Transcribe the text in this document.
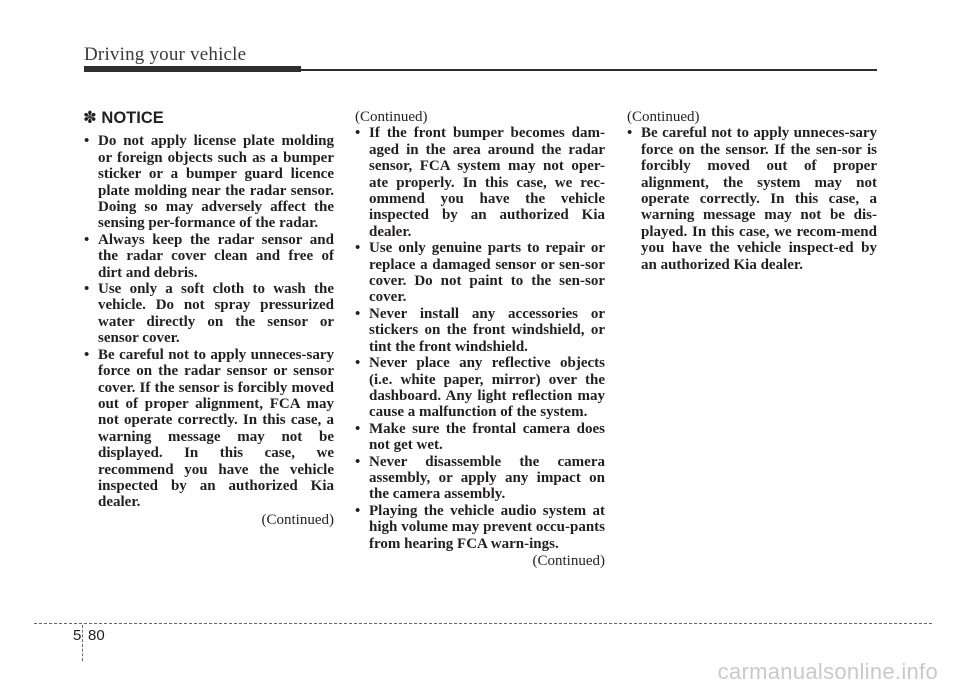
Driving your vehicle
✽ NOTICE
• Do not apply license plate molding or foreign objects such as a bumper sticker or a bumper guard licence plate molding near the radar sensor. Doing so may adversely affect the sensing per-formance of the radar.
• Always keep the radar sensor and the radar cover clean and free of dirt and debris.
• Use only a soft cloth to wash the vehicle. Do not spray pressurized water directly on the sensor or sensor cover.
• Be careful not to apply unneces-sary force on the radar sensor or sensor cover. If the sensor is forcibly moved out of proper alignment, FCA may not operate correctly. In this case, a warning message may not be displayed. In this case, we recommend you have the vehicle inspected by an authorized Kia dealer.
(Continued)
(Continued)
• If the front bumper becomes dam-aged in the area around the radar sensor, FCA system may not oper-ate properly. In this case, we rec-ommend you have the vehicle inspected by an authorized Kia dealer.
• Use only genuine parts to repair or replace a damaged sensor or sen-sor cover. Do not paint to the sen-sor cover.
• Never install any accessories or stickers on the front windshield, or tint the front windshield.
• Never place any reflective objects (i.e. white paper, mirror) over the dashboard. Any light reflection may cause a malfunction of the system.
• Make sure the frontal camera does not get wet.
• Never disassemble the camera assembly, or apply any impact on the camera assembly.
• Playing the vehicle audio system at high volume may prevent occu-pants from hearing FCA warn-ings.
(Continued)
(Continued)
• Be careful not to apply unneces-sary force on the sensor. If the sen-sor is forcibly moved out of proper alignment, the system may not operate correctly. In this case, a warning message may not be dis-played. In this case, we recom-mend you have the vehicle inspect-ed by an authorized Kia dealer.
5 80
carmanualsonline.info
